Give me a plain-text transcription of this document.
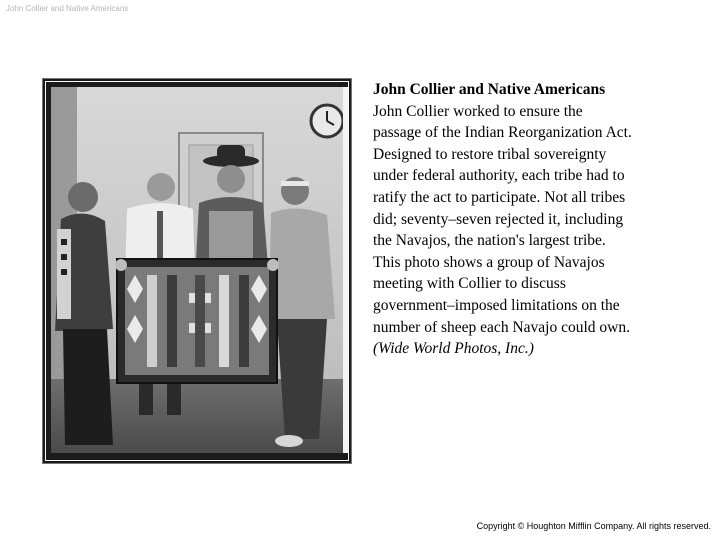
John Collier and Native Americans
John Collier and Native Americans
John Collier worked to ensure the
passage of the Indian Reorganization Act.
Designed to restore tribal sovereignty
under federal authority, each tribe had to
ratify the act to participate. Not all tribes
did; seventy–seven rejected it, including
the Navajos, the nation's largest tribe.
This photo shows a group of Navajos
meeting with Collier to discuss
government–imposed limitations on the
number of sheep each Navajo could own.
(Wide World Photos, Inc.)
Copyright © Houghton Mifflin Company. All rights reserved.
